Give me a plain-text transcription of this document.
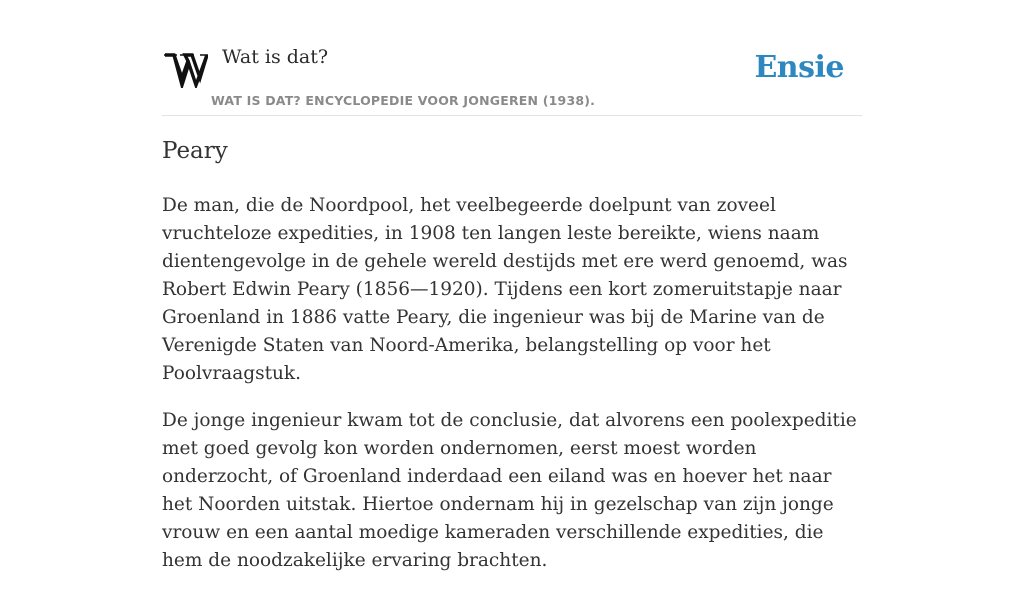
Wat is dat?
WAT IS DAT? ENCYCLOPEDIE VOOR JONGEREN (1938).
Ensie
Peary

De man, die de Noordpool, het veelbegeerde doelpunt van zoveel vruchteloze expedities, in 1908 ten langen leste bereikte, wiens naam dientengevolge in de gehele wereld destijds met ere werd genoemd, was Robert Edwin Peary (1856—1920). Tijdens een kort zomeruitstapje naar Groenland in 1886 vatte Peary, die ingenieur was bij de Marine van de Verenigde Staten van Noord-Amerika, belangstelling op voor het Poolvraagstuk.

De jonge ingenieur kwam tot de conclusie, dat alvorens een poolexpeditie met goed gevolg kon worden ondernomen, eerst moest worden onderzocht, of Groenland inderdaad een eiland was en hoever het naar het Noorden uitstak. Hiertoe ondernam hij in gezelschap van zijn jonge vrouw en een aantal moedige kameraden verschillende expedities, die hem de noodzakelijke ervaring brachten.
